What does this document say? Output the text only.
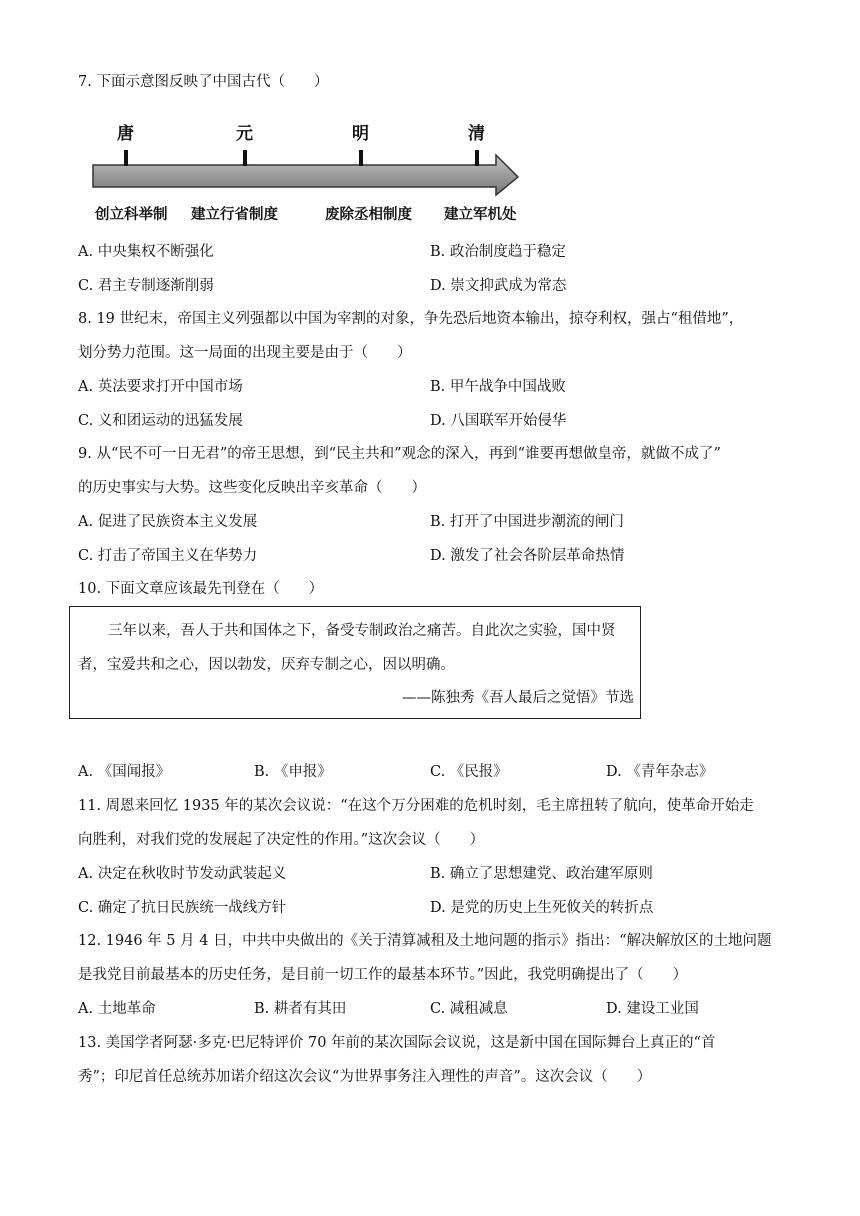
7. 下面示意图反映了中国古代（　　）
唐	元	明	清
创立科举制 建立行省制度	废除丞相制度 建立军机处
A. 中央集权不断强化	B. 政治制度趋于稳定
C. 君主专制逐渐削弱	D. 崇文抑武成为常态
8. 19 世纪末，帝国主义列强都以中国为宰割的对象，争先恐后地资本输出，掠夺利权，强占“租借地”，
划分势力范围。这一局面的出现主要是由于（　　）
A. 英法要求打开中国市场	B. 甲午战争中国战败
C. 义和团运动的迅猛发展	D. 八国联军开始侵华
9. 从“民不可一日无君”的帝王思想，到“民主共和”观念的深入，再到“谁要再想做皇帝，就做不成了”
的历史事实与大势。这些变化反映出辛亥革命（　　）
A. 促进了民族资本主义发展	B. 打开了中国进步潮流的闸门
C. 打击了帝国主义在华势力	D. 激发了社会各阶层革命热情
10. 下面文章应该最先刊登在（　　）
三年以来，吾人于共和国体之下，备受专制政治之痛苦。自此次之实验，国中贤
者，宝爱共和之心，因以勃发，厌弃专制之心，因以明确。
——陈独秀《吾人最后之觉悟》节选
A. 《国闻报》	B. 《申报》	C. 《民报》	D. 《青年杂志》
11. 周恩来回忆 1935 年的某次会议说：“在这个万分困难的危机时刻，毛主席扭转了航向，使革命开始走
向胜利，对我们党的发展起了决定性的作用。”这次会议（　　）
A. 决定在秋收时节发动武装起义	B. 确立了思想建党、政治建军原则
C. 确定了抗日民族统一战线方针	D. 是党的历史上生死攸关的转折点
12. 1946 年 5 月 4 日，中共中央做出的《关于清算减租及土地问题的指示》指出：“解决解放区的土地问题
是我党目前最基本的历史任务，是目前一切工作的最基本环节。”因此，我党明确提出了（　　）
A. 土地革命	B. 耕者有其田	C. 减租减息	D. 建设工业国
13. 美国学者阿瑟·多克·巴尼特评价 70 年前的某次国际会议说，这是新中国在国际舞台上真正的“首
秀”；印尼首任总统苏加诺介绍这次会议“为世界事务注入理性的声音”。这次会议（　　）
